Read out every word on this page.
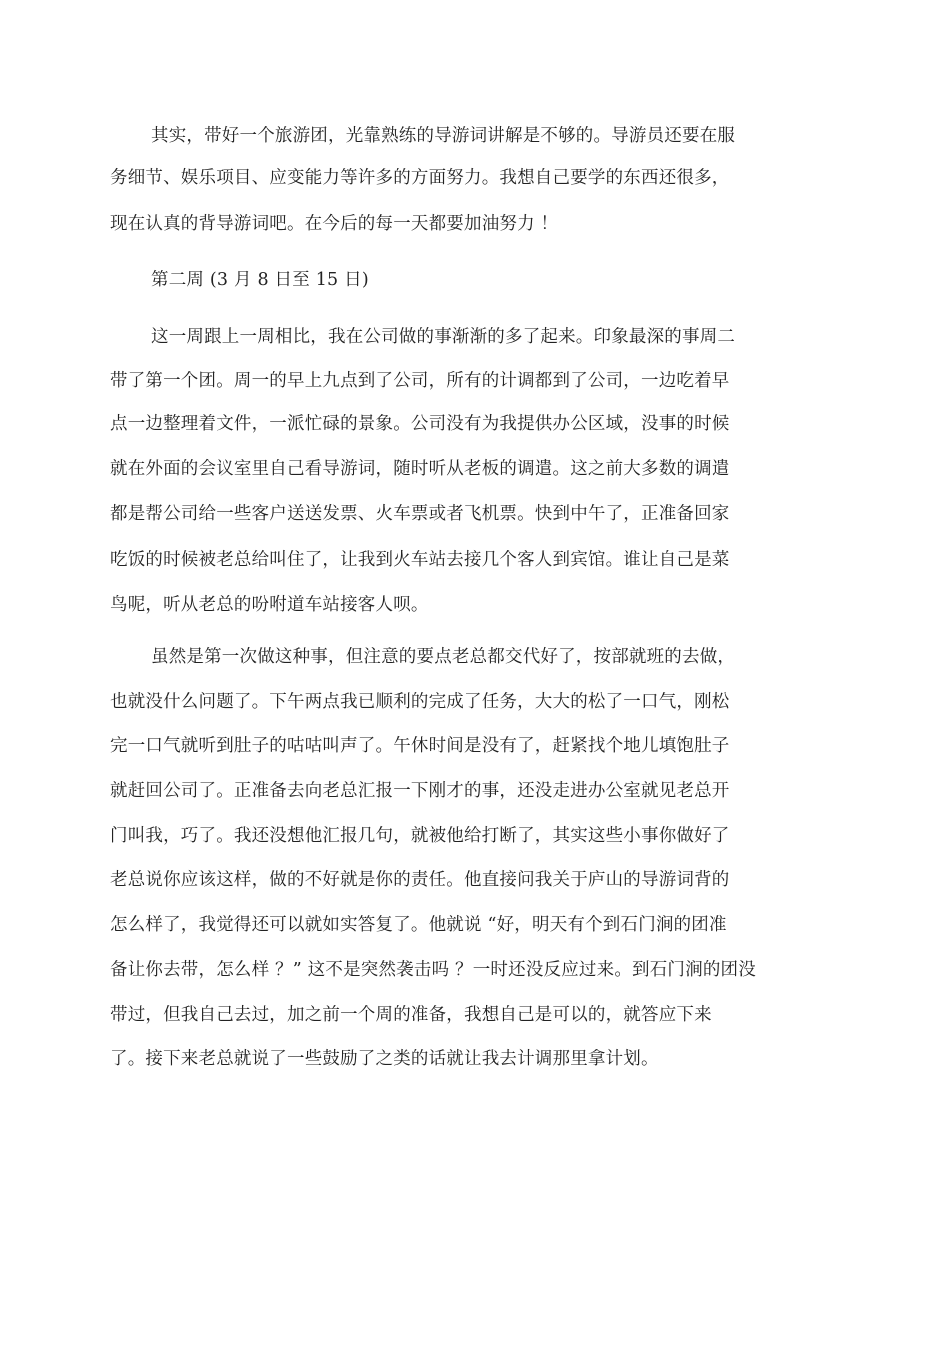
其实，带好一个旅游团，光靠熟练的导游词讲解是不够的。导游员还要在服
务细节、娱乐项目、应变能力等许多的方面努力。我想自己要学的东西还很多，
现在认真的背导游词吧。在今后的每一天都要加油努力 ！
第二周 (3 月 8 日至 15 日)
这一周跟上一周相比，我在公司做的事渐渐的多了起来。印象最深的事周二
带了第一个团。周一的早上九点到了公司，所有的计调都到了公司，一边吃着早
点一边整理着文件，一派忙碌的景象。公司没有为我提供办公区域，没事的时候
就在外面的会议室里自己看导游词，随时听从老板的调遣。这之前大多数的调遣
都是帮公司给一些客户送送发票、火车票或者飞机票。快到中午了，正准备回家
吃饭的时候被老总给叫住了，让我到火车站去接几个客人到宾馆。谁让自己是菜
鸟呢，听从老总的吩咐道车站接客人呗。
虽然是第一次做这种事，但注意的要点老总都交代好了，按部就班的去做，
也就没什么问题了。下午两点我已顺利的完成了任务，大大的松了一口气，刚松
完一口气就听到肚子的咕咕叫声了。午休时间是没有了，赶紧找个地儿填饱肚子
就赶回公司了。正准备去向老总汇报一下刚才的事，还没走进办公室就见老总开
门叫我，巧了。我还没想他汇报几句，就被他给打断了，其实这些小事你做好了
老总说你应该这样，做的不好就是你的责任。他直接问我关于庐山的导游词背的
怎么样了，我觉得还可以就如实答复了。他就说 “好，明天有个到石门涧的团准
备让你去带，怎么样 ？” 这不是突然袭击吗 ？一时还没反应过来。到石门涧的团没
带过，但我自己去过，加之前一个周的准备，我想自己是可以的，就答应下来
了。接下来老总就说了一些鼓励了之类的话就让我去计调那里拿计划。
